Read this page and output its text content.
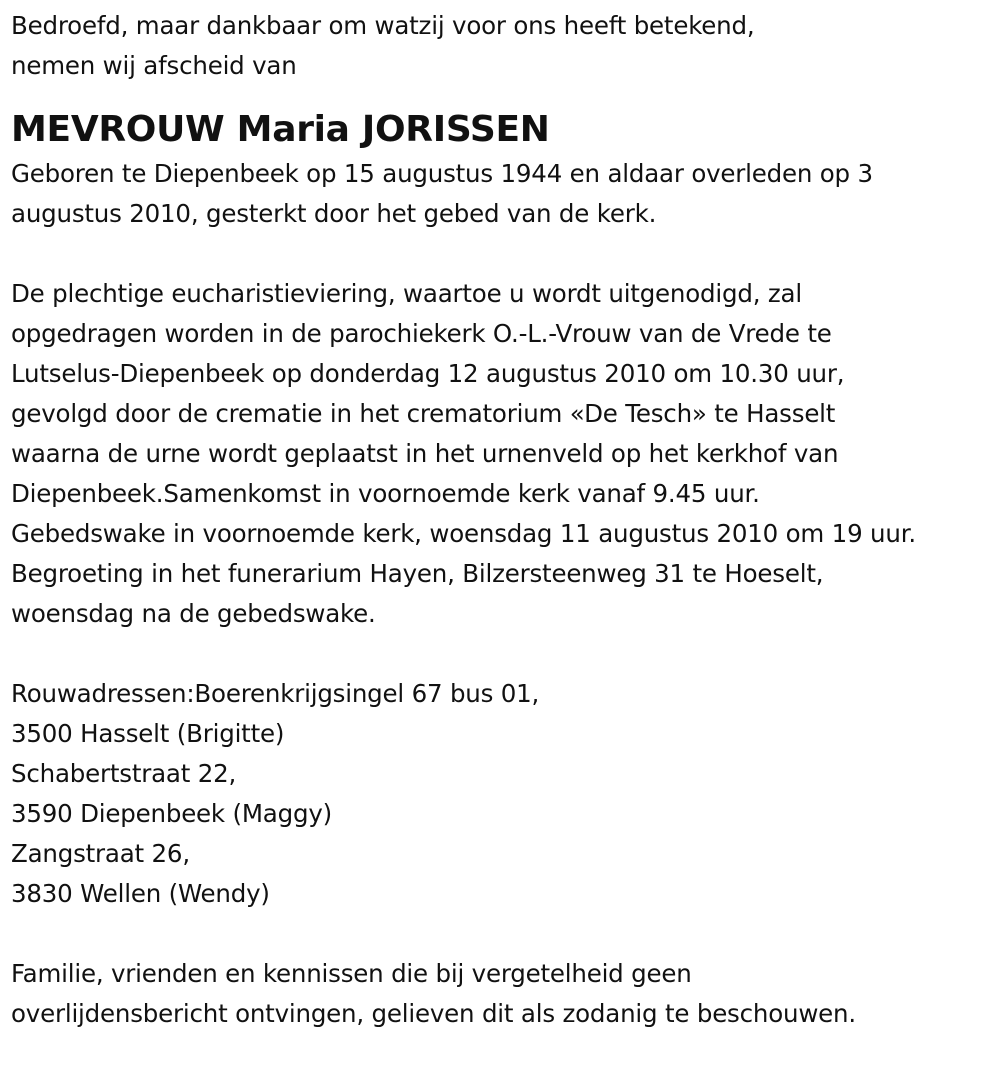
Bedroefd, maar dankbaar om watzij voor ons heeft betekend,
nemen wij afscheid van
MEVROUW Maria JORISSEN
Geboren te Diepenbeek op 15 augustus 1944 en aldaar overleden op 3
augustus 2010, gesterkt door het gebed van de kerk.
De plechtige eucharistieviering, waartoe u wordt uitgenodigd, zal
opgedragen worden in de parochiekerk O.-L.-Vrouw van de Vrede te
Lutselus-Diepenbeek op donderdag 12 augustus 2010 om 10.30 uur,
gevolgd door de crematie in het crematorium «De Tesch» te Hasselt
waarna de urne wordt geplaatst in het urnenveld op het kerkhof van
Diepenbeek.Samenkomst in voornoemde kerk vanaf 9.45 uur.
Gebedswake in voornoemde kerk, woensdag 11 augustus 2010 om 19 uur.
Begroeting in het funerarium Hayen, Bilzersteenweg 31 te Hoeselt,
woensdag na de gebedswake.
Rouwadressen:Boerenkrijgsingel 67 bus 01,
3500 Hasselt (Brigitte)
Schabertstraat 22,
3590 Diepenbeek (Maggy)
Zangstraat 26,
3830 Wellen (Wendy)
Familie, vrienden en kennissen die bij vergetelheid geen
overlijdensbericht ontvingen, gelieven dit als zodanig te beschouwen.
